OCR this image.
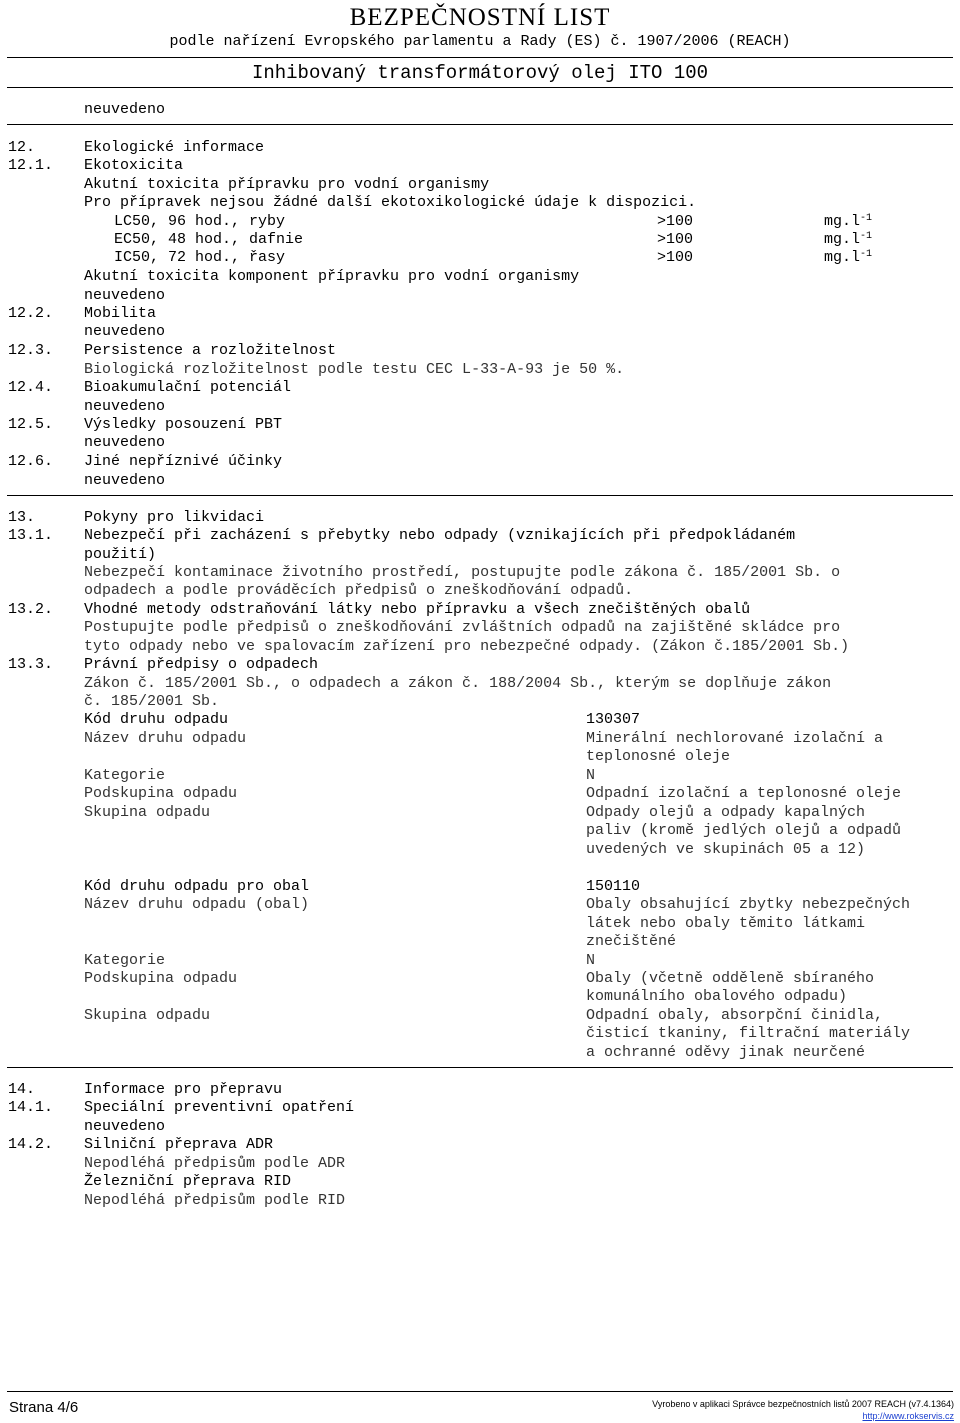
BEZPEČNOSTNÍ LIST
podle nařízení Evropského parlamentu a Rady (ES) č. 1907/2006 (REACH)
Inhibovaný transformátorový olej ITO 100
neuvedeno
12.	Ekologické informace
12.1. Ekotoxicita
Akutní toxicita přípravku pro vodní organismy
Pro přípravek nejsou žádné další ekotoxikologické údaje k dispozici.
LC50, 96 hod., ryby	>100	$mg.l^{-1}$
EC50, 48 hod., dafnie	>100	$mg.l^{-1}$
IC50, 72 hod., řasy	>100	$mg.l^{-1}$
Akutní toxicita komponent přípravku pro vodní organismy
neuvedeno
12.2. Mobilita
neuvedeno
12.3. Persistence a rozložitelnost
Biologická rozložitelnost podle testu CEC L-33-A-93 je 50 %.
12.4. Bioakumulační potenciál
neuvedeno
12.5. Výsledky posouzení PBT
neuvedeno
12.6. Jiné nepříznivé účinky
neuvedeno
13.	Pokyny pro likvidaci
13.1. Nebezpečí při zacházení s přebytky nebo odpady (vznikajících při předpokládaném
použití)
Nebezpečí kontaminace životního prostředí, postupujte podle zákona č. 185/2001 Sb. o
odpadech a podle prováděcích předpisů o zneškodňování odpadů.
13.2. Vhodné metody odstraňování látky nebo přípravku a všech znečištěných obalů
Postupujte podle předpisů o zneškodňování zvláštních odpadů na zajištěné skládce pro
tyto odpady nebo ve spalovacím zařízení pro nebezpečné odpady. (Zákon č.185/2001 Sb.)
13.3. Právní předpisy o odpadech
Zákon č. 185/2001 Sb., o odpadech a zákon č. 188/2004 Sb., kterým se doplňuje zákon
č. 185/2001 Sb.
Kód druhu odpadu	130307
Název druhu odpadu	Minerální nechlorované izolační a
teplonosné oleje
Kategorie	N
Podskupina odpadu	Odpadní izolační a teplonosné oleje
Skupina odpadu	Odpady olejů a odpady kapalných
paliv (kromě jedlých olejů a odpadů
uvedených ve skupinách 05 a 12)
Kód druhu odpadu pro obal	150110
Název druhu odpadu (obal)	Obaly obsahující zbytky nebezpečných
látek nebo obaly těmito látkami
znečištěné
Kategorie	N
Podskupina odpadu	Obaly (včetně odděleně sbíraného
komunálního obalového odpadu)
Skupina odpadu	Odpadní obaly, absorpční činidla,
čisticí tkaniny, filtrační materiály
a ochranné oděvy jinak neurčené
14.	Informace pro přepravu
14.1. Speciální preventivní opatření
neuvedeno
14.2. Silniční přeprava ADR
Nepodléhá předpisům podle ADR
Železniční přeprava RID
Nepodléhá předpisům podle RID
Strana 4/6	Vyrobeno v aplikaci Správce bezpečnostních listů 2007 REACH (v7.4.1364)
http://www.rokservis.cz
